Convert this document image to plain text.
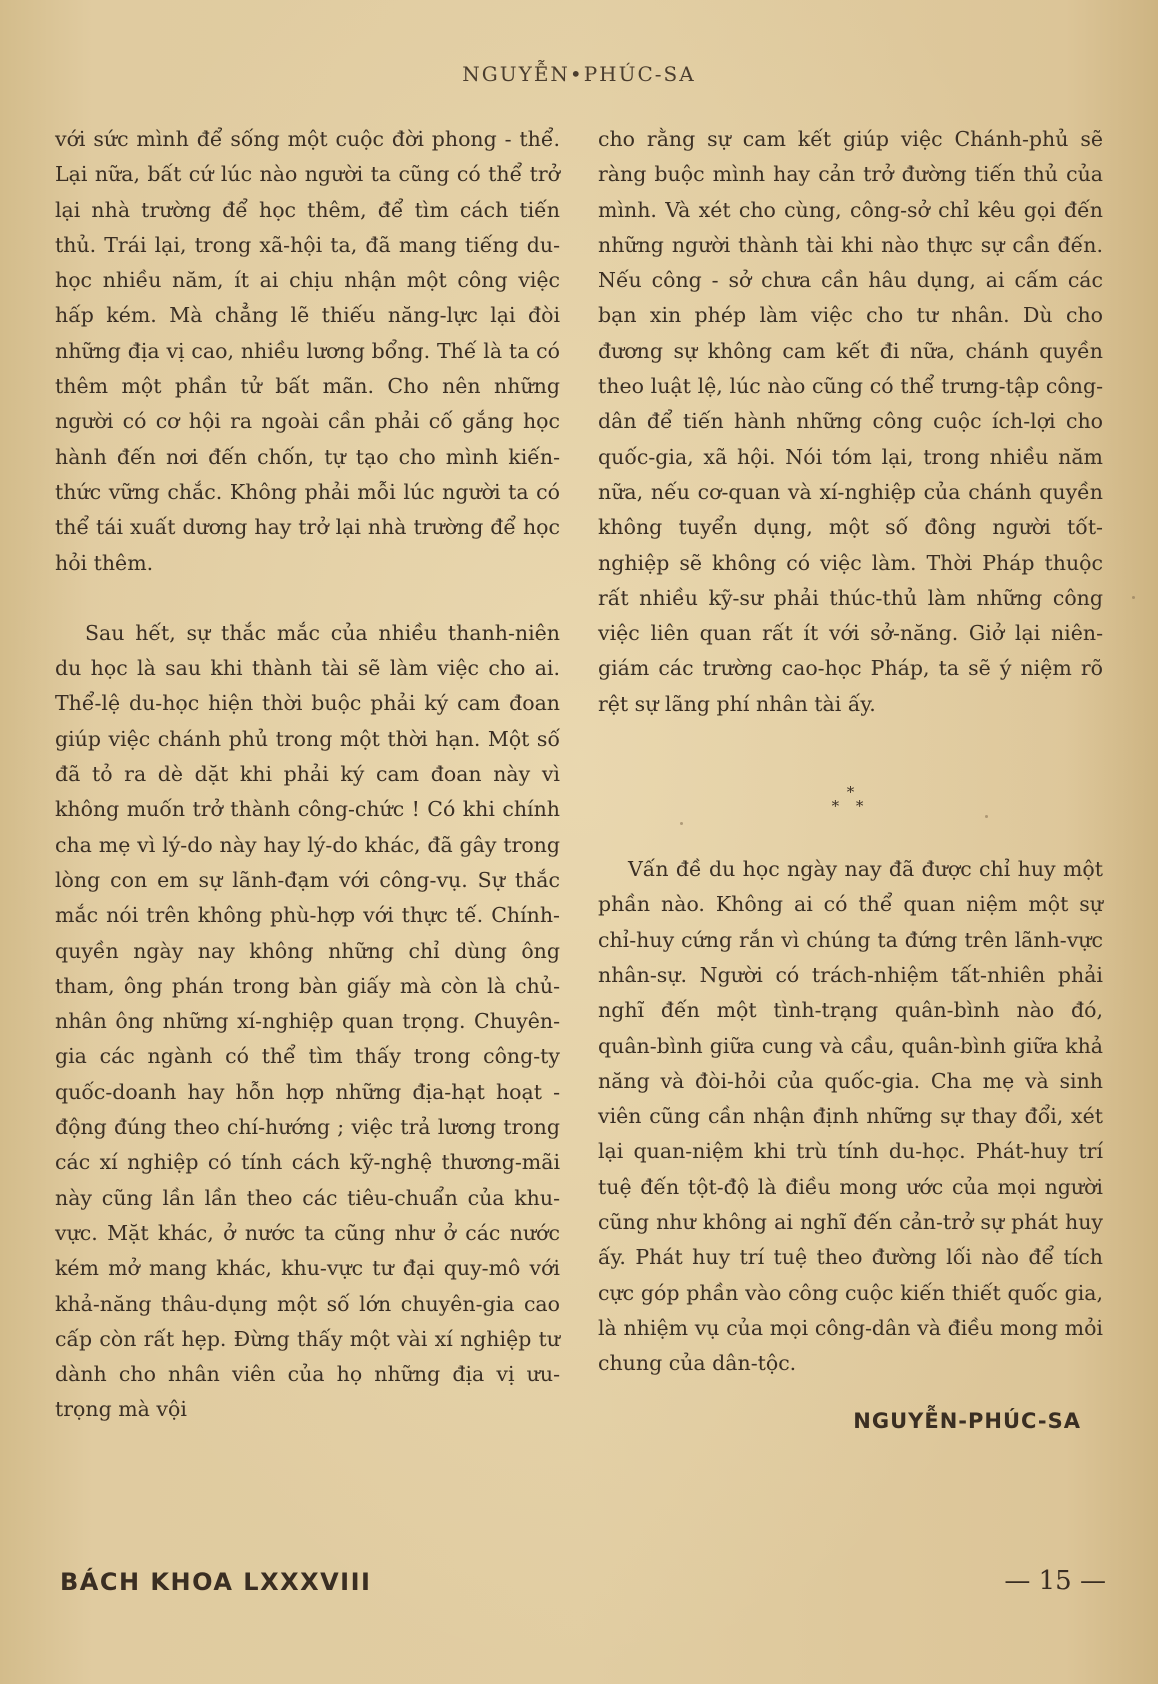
NGUYỄN•PHÚC-SA

với sức mình để sống một cuộc đời phong - thể. Lại nữa, bất cứ lúc nào người ta cũng có thể trở lại nhà trường để học thêm, để tìm cách tiến thủ. Trái lại, trong xã-hội ta, đã mang tiếng du-học nhiều năm, ít ai chịu nhận một công việc hấp kém. Mà chẳng lẽ thiếu năng-lực lại đòi những địa vị cao, nhiều lương bổng. Thế là ta có thêm một phần tử bất mãn. Cho nên những người có cơ hội ra ngoài cần phải cố gắng học hành đến nơi đến chốn, tự tạo cho mình kiến-thức vững chắc. Không phải mỗi lúc người ta có thể tái xuất dương hay trở lại nhà trường để học hỏi thêm.

Sau hết, sự thắc mắc của nhiều thanh-niên du học là sau khi thành tài sẽ làm việc cho ai. Thể-lệ du-học hiện thời buộc phải ký cam đoan giúp việc chánh phủ trong một thời hạn. Một số đã tỏ ra dè dặt khi phải ký cam đoan này vì không muốn trở thành công-chức ! Có khi chính cha mẹ vì lý-do này hay lý-do khác, đã gây trong lòng con em sự lãnh-đạm với công-vụ. Sự thắc mắc nói trên không phù-hợp với thực tế. Chính-quyền ngày nay không những chỉ dùng ông tham, ông phán trong bàn giấy mà còn là chủ-nhân ông những xí-nghiệp quan trọng. Chuyên-gia các ngành có thể tìm thấy trong công-ty quốc-doanh hay hỗn hợp những địa-hạt hoạt - động đúng theo chí-hướng ; việc trả lương trong các xí nghiệp có tính cách kỹ-nghệ thương-mãi này cũng lần lần theo các tiêu-chuẩn của khu-vực. Mặt khác, ở nước ta cũng như ở các nước kém mở mang khác, khu-vực tư đại quy-mô với khả-năng thâu-dụng một số lớn chuyên-gia cao cấp còn rất hẹp. Đừng thấy một vài xí nghiệp tư dành cho nhân viên của họ những địa vị ưu-trọng mà vội

cho rằng sự cam kết giúp việc Chánh-phủ sẽ ràng buộc mình hay cản trở đường tiến thủ của mình. Và xét cho cùng, công-sở chỉ kêu gọi đến những người thành tài khi nào thực sự cần đến. Nếu công - sở chưa cần hâu dụng, ai cấm các bạn xin phép làm việc cho tư nhân. Dù cho đương sự không cam kết đi nữa, chánh quyền theo luật lệ, lúc nào cũng có thể trưng-tập công-dân để tiến hành những công cuộc ích-lợi cho quốc-gia, xã hội. Nói tóm lại, trong nhiều năm nữa, nếu cơ-quan và xí-nghiệp của chánh quyền không tuyển dụng, một số đông người tốt-nghiệp sẽ không có việc làm. Thời Pháp thuộc rất nhiều kỹ-sư phải thúc-thủ làm những công việc liên quan rất ít với sở-năng. Giở lại niên-giám các trường cao-học Pháp, ta sẽ ý niệm rõ rệt sự lãng phí nhân tài ấy.

*
* *

Vấn đề du học ngày nay đã được chỉ huy một phần nào. Không ai có thể quan niệm một sự chỉ-huy cứng rắn vì chúng ta đứng trên lãnh-vực nhân-sự. Người có trách-nhiệm tất-nhiên phải nghĩ đến một tình-trạng quân-bình nào đó, quân-bình giữa cung và cầu, quân-bình giữa khả năng và đòi-hỏi của quốc-gia. Cha mẹ và sinh viên cũng cần nhận định những sự thay đổi, xét lại quan-niệm khi trù tính du-học. Phát-huy trí tuệ đến tột-độ là điều mong ước của mọi người cũng như không ai nghĩ đến cản-trở sự phát huy ấy. Phát huy trí tuệ theo đường lối nào để tích cực góp phần vào công cuộc kiến thiết quốc gia, là nhiệm vụ của mọi công-dân và điều mong mỏi chung của dân-tộc.

NGUYỄN-PHÚC-SA
BÁCH KHOA LXXXVIII	— 15 —
